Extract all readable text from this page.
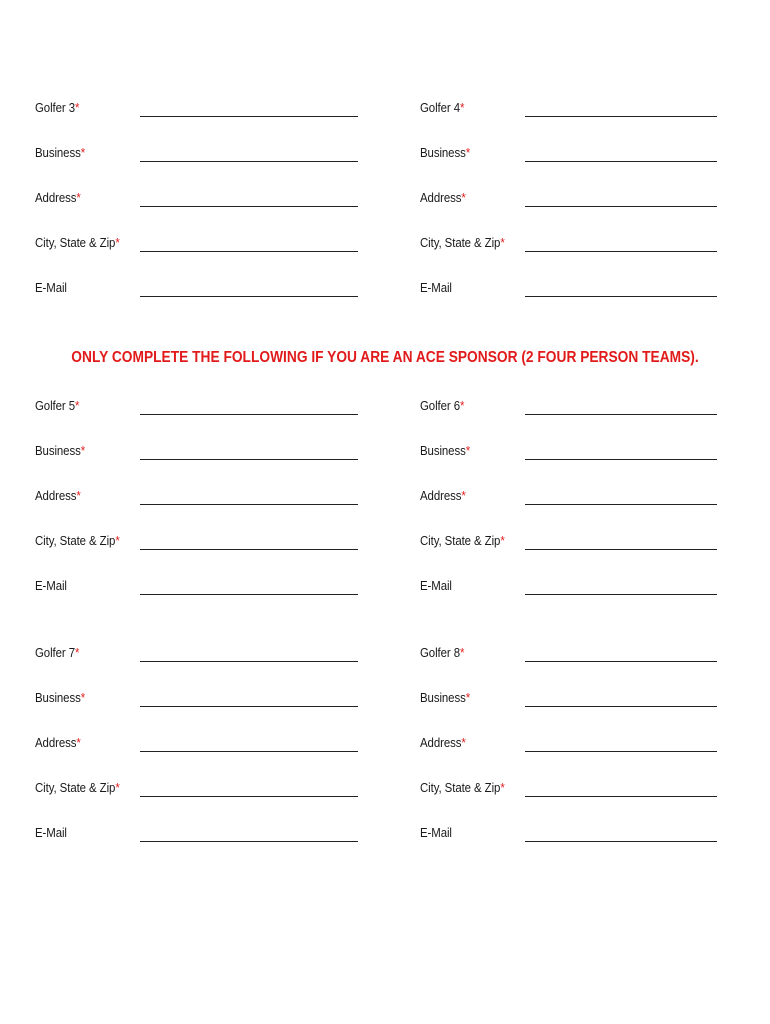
Golfer 3*
Business*
Address*
City, State & Zip*
E-Mail
Golfer 4*
Business*
Address*
City, State & Zip*
E-Mail
Golfer 5*
Business*
Address*
City, State & Zip*
E-Mail
Golfer 6*
Business*
Address*
City, State & Zip*
E-Mail
Golfer 7*
Business*
Address*
City, State & Zip*
E-Mail
Golfer 8*
Business*
Address*
City, State & Zip*
E-Mail
ONLY COMPLETE THE FOLLOWING IF YOU ARE AN ACE SPONSOR (2 FOUR PERSON TEAMS).
